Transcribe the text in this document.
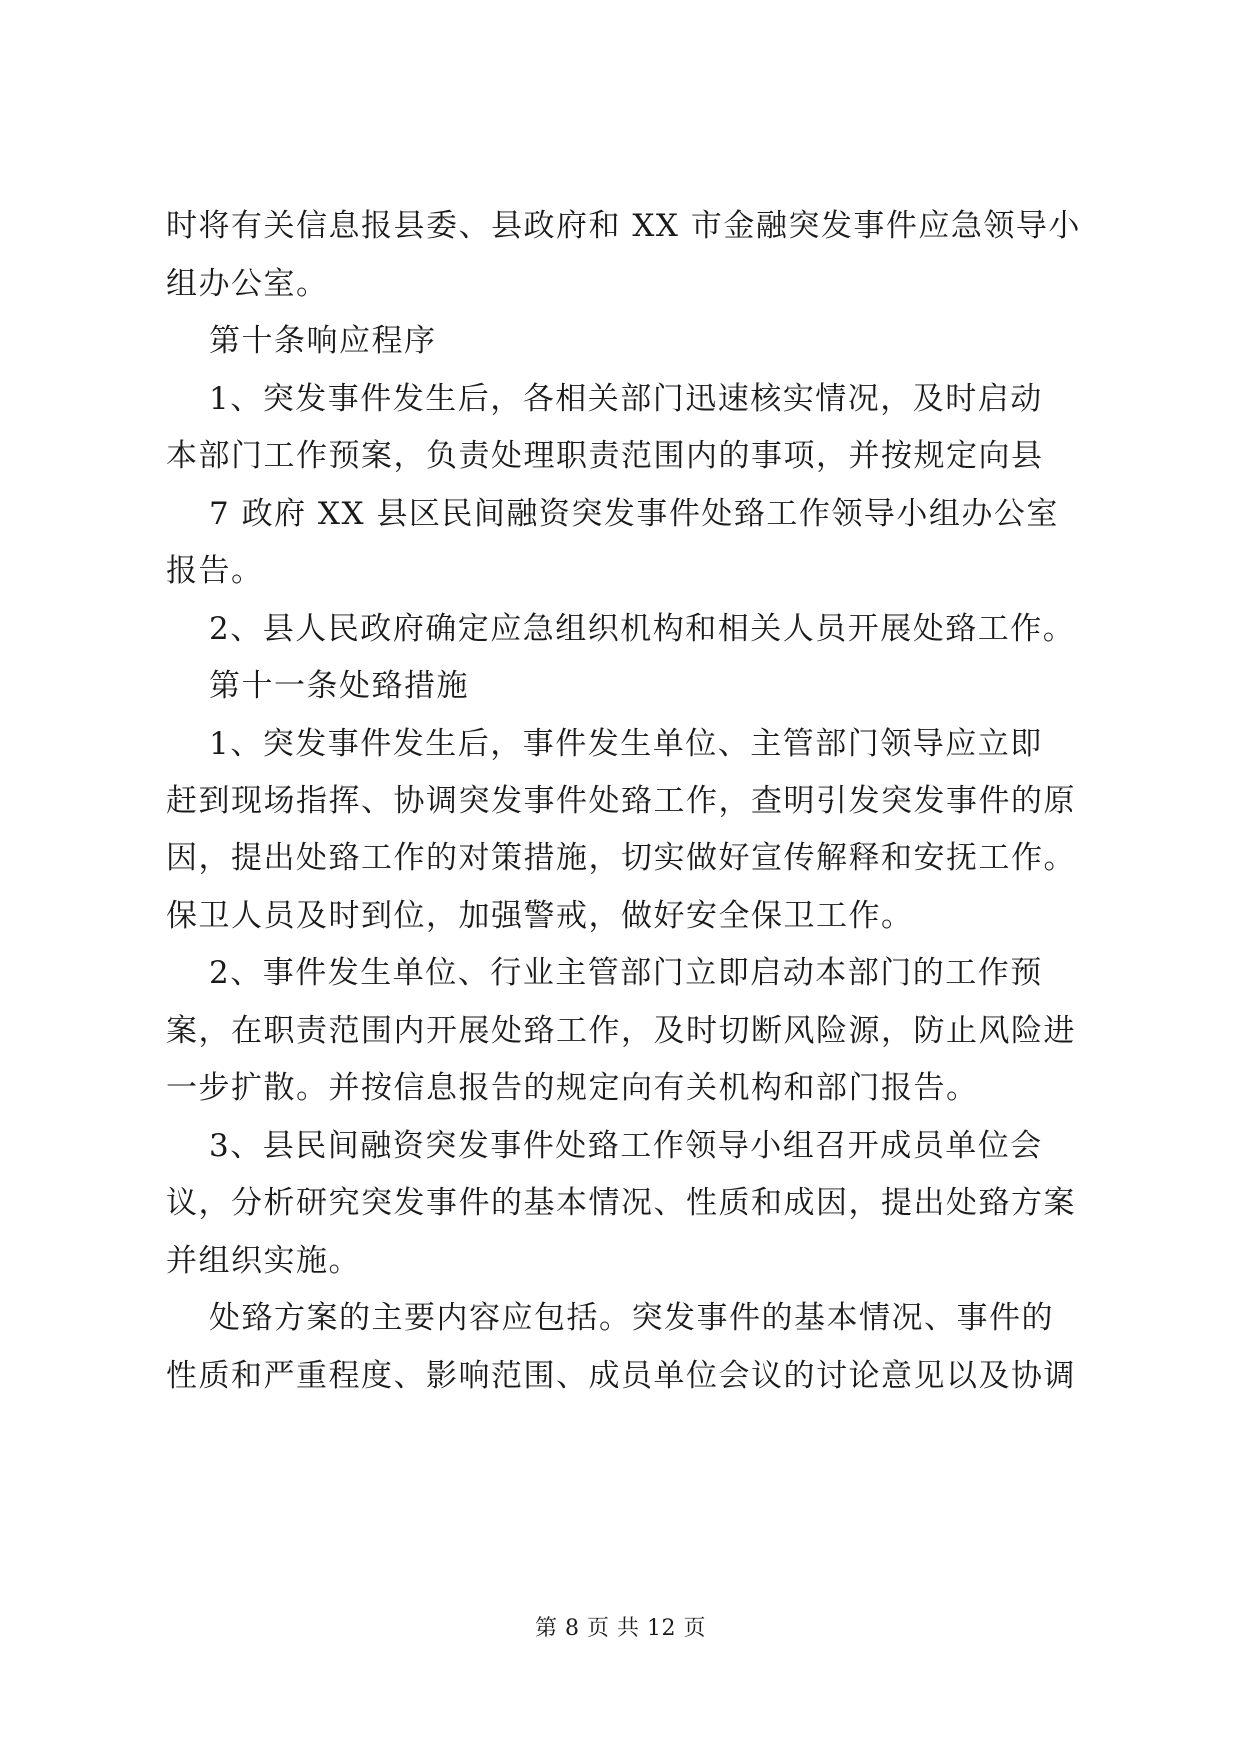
时将有关信息报县委、县政府和 XX 市金融突发事件应急领导小
组办公室。
第十条响应程序
1、突发事件发生后，各相关部门迅速核实情况，及时启动
本部门工作预案，负责处理职责范围内的事项，并按规定向县
7 政府 XX 县区民间融资突发事件处臵工作领导小组办公室
报告。
2、县人民政府确定应急组织机构和相关人员开展处臵工作。
第十一条处臵措施
1、突发事件发生后，事件发生单位、主管部门领导应立即
赶到现场指挥、协调突发事件处臵工作，查明引发突发事件的原
因，提出处臵工作的对策措施，切实做好宣传解释和安抚工作。
保卫人员及时到位，加强警戒，做好安全保卫工作。
2、事件发生单位、行业主管部门立即启动本部门的工作预
案，在职责范围内开展处臵工作，及时切断风险源，防止风险进
一步扩散。并按信息报告的规定向有关机构和部门报告。
3、县民间融资突发事件处臵工作领导小组召开成员单位会
议，分析研究突发事件的基本情况、性质和成因，提出处臵方案
并组织实施。
处臵方案的主要内容应包括。突发事件的基本情况、事件的
性质和严重程度、影响范围、成员单位会议的讨论意见以及协调
第 8 页 共 12 页
